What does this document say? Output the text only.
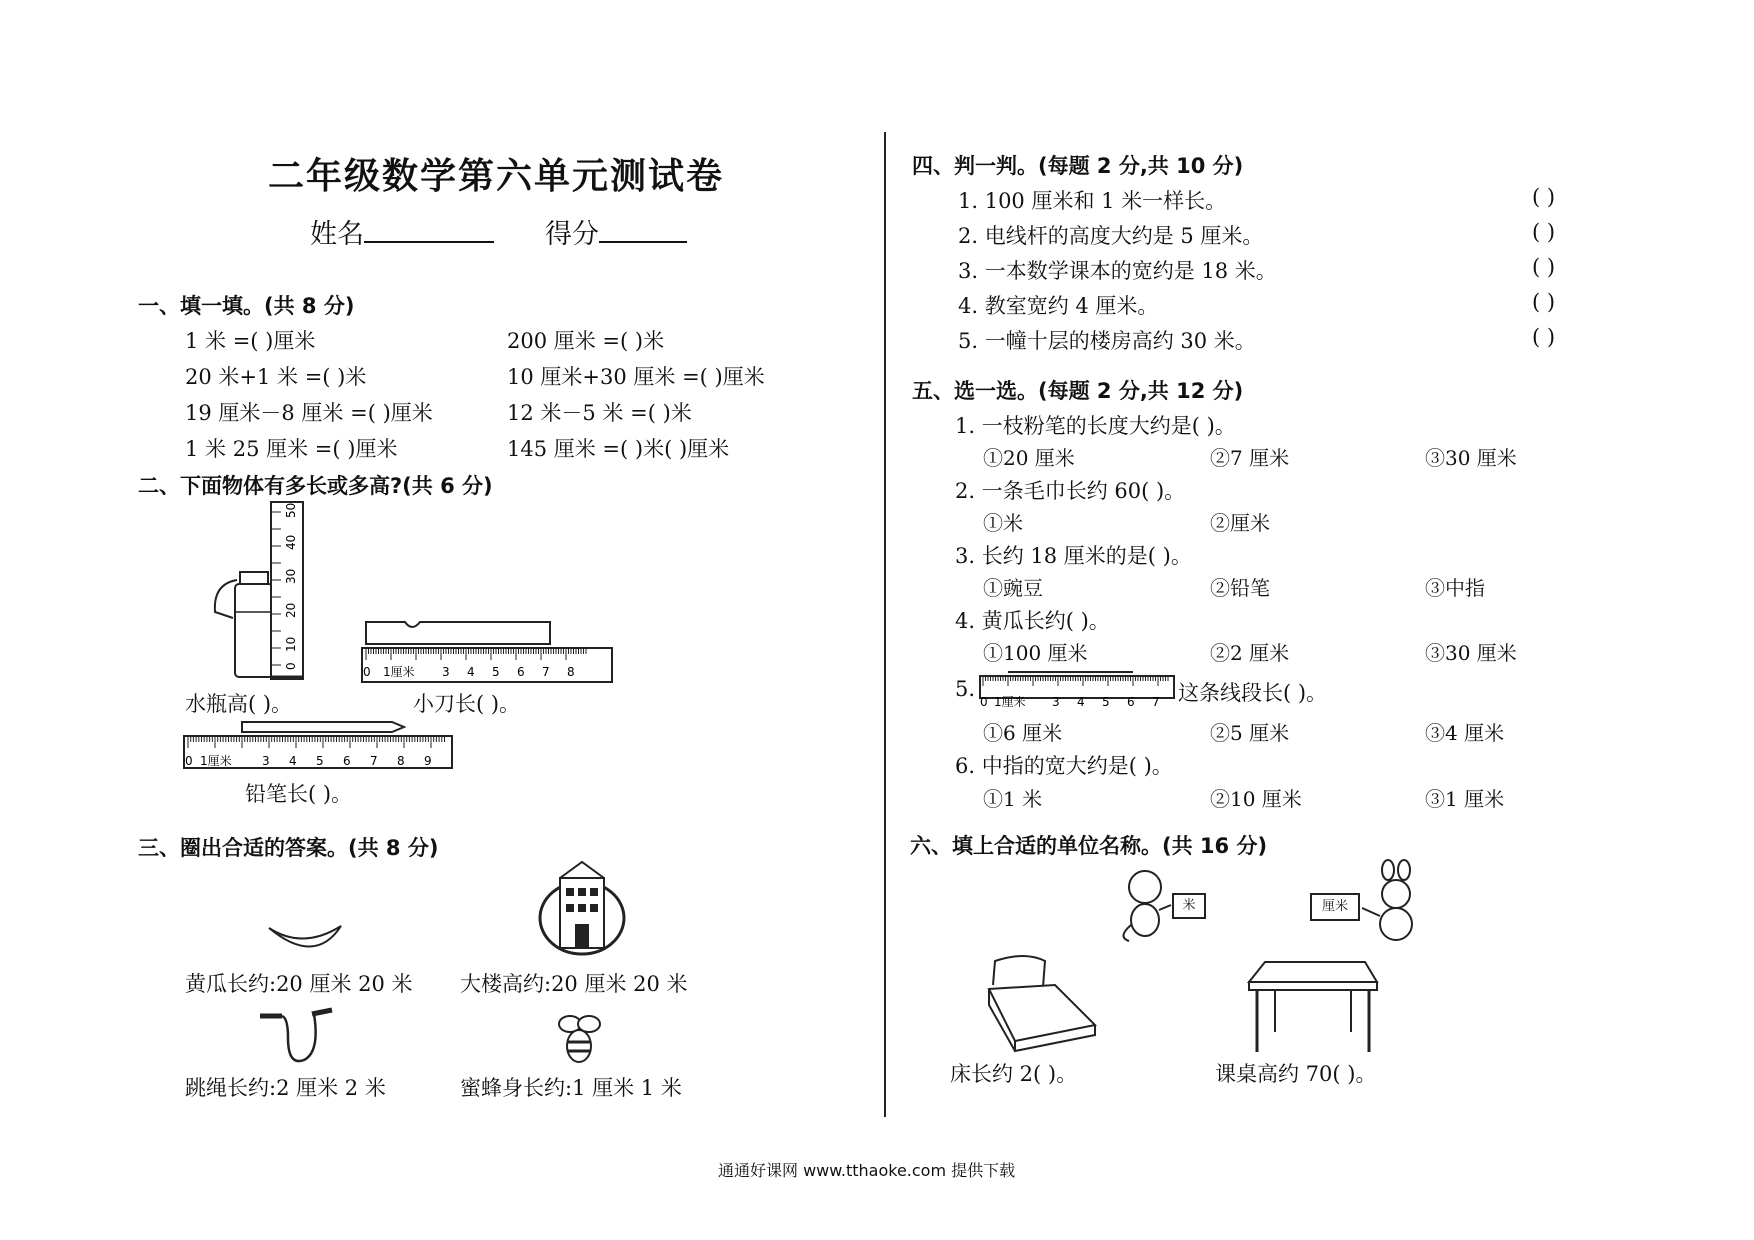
二年级数学第六单元测试卷
姓名	得分
一、填一填。(共 8 分)
1 米 =( )厘米	200 厘米 =( )米
20 米+1 米 =( )米	10 厘米+30 厘米 =( )厘米
19 厘米－8 厘米 =( )厘米	12 米－5 米 =( )米
1 米 25 厘米 =( )厘米	145 厘米 =( )米( )厘米
二、下面物体有多长或多高?(共 6 分)
0
10
20
30
40
50
水瓶高( )。
0 1厘米 3 4 5 6 7 8
小刀长( )。
0 1厘米	3 4 5 6 7 8 9
铅笔长( )。
三、圈出合适的答案。(共 8 分)
黄瓜长约:20 厘米 20 米 大楼高约:20 厘米 20 米
跳绳长约:2 厘米 2 米	蜜蜂身长约:1 厘米 1 米
四、判一判。(每题 2 分,共 10 分)
1. 100 厘米和 1 米一样长。	( )
2. 电线杆的高度大约是 5 厘米。	( )
3. 一本数学课本的宽约是 18 米。	( )
4. 教室宽约 4 厘米。	( )
5. 一幢十层的楼房高约 30 米。	( )
五、选一选。(每题 2 分,共 12 分)
1. 一枝粉笔的长度大约是( )。
①20 厘米	②7 厘米	③30 厘米
2. 一条毛巾长约 60( )。
①米	②厘米
3. 长约 18 厘米的是( )。
①豌豆	②铅笔	③中指
4. 黄瓜长约( )。
①100 厘米	②2 厘米	③30 厘米
5.
0 1厘米 3 4 5 6 7 这条线段长( )。
①6 厘米	②5 厘米	③4 厘米
6. 中指的宽大约是( )。
①1 米	②10 厘米	③1 厘米
六、填上合适的单位名称。(共 16 分)
米	厘米
床长约 2( )。	课桌高约 70( )。
通通好课网 www.tthaoke.com 提供下载
